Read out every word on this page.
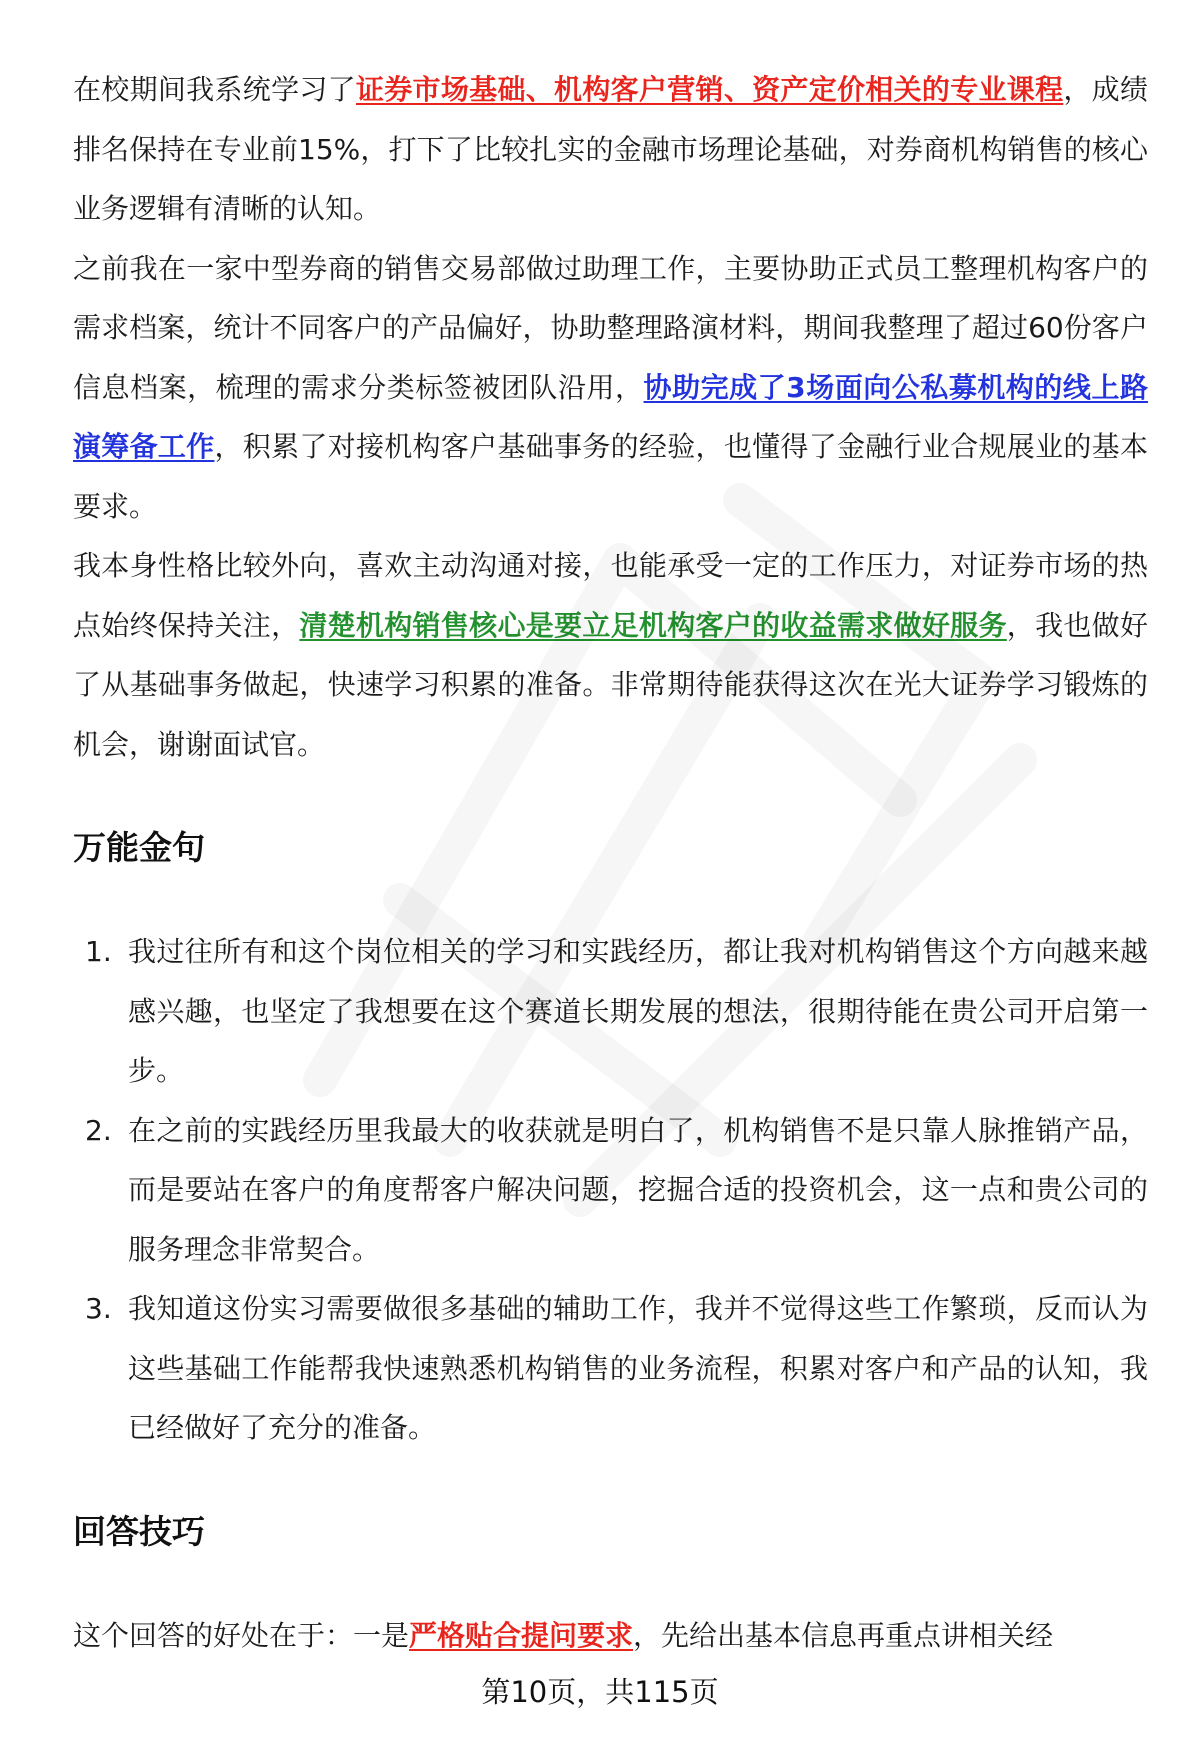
在校期间我系统学习了证券市场基础、机构客户营销、资产定价相关的专业课程，成绩排名保持在专业前15%，打下了比较扎实的金融市场理论基础，对券商机构销售的核心业务逻辑有清晰的认知。

之前我在一家中型券商的销售交易部做过助理工作，主要协助正式员工整理机构客户的需求档案，统计不同客户的产品偏好，协助整理路演材料，期间我整理了超过60份客户信息档案，梳理的需求分类标签被团队沿用，协助完成了3场面向公私募机构的线上路演筹备工作，积累了对接机构客户基础事务的经验，也懂得了金融行业合规展业的基本要求。

我本身性格比较外向，喜欢主动沟通对接，也能承受一定的工作压力，对证券市场的热点始终保持关注，清楚机构销售核心是要立足机构客户的收益需求做好服务，我也做好了从基础事务做起，快速学习积累的准备。非常期待能获得这次在光大证券学习锻炼的机会，谢谢面试官。

万能金句
1. 我过往所有和这个岗位相关的学习和实践经历，都让我对机构销售这个方向越来越感兴趣，也坚定了我想要在这个赛道长期发展的想法，很期待能在贵公司开启第一步。
2. 在之前的实践经历里我最大的收获就是明白了，机构销售不是只靠人脉推销产品，而是要站在客户的角度帮客户解决问题，挖掘合适的投资机会，这一点和贵公司的服务理念非常契合。
3. 我知道这份实习需要做很多基础的辅助工作，我并不觉得这些工作繁琐，反而认为这些基础工作能帮我快速熟悉机构销售的业务流程，积累对客户和产品的认知，我已经做好了充分的准备。
回答技巧

这个回答的好处在于：一是严格贴合提问要求，先给出基本信息再重点讲相关经

第10页，共115页
